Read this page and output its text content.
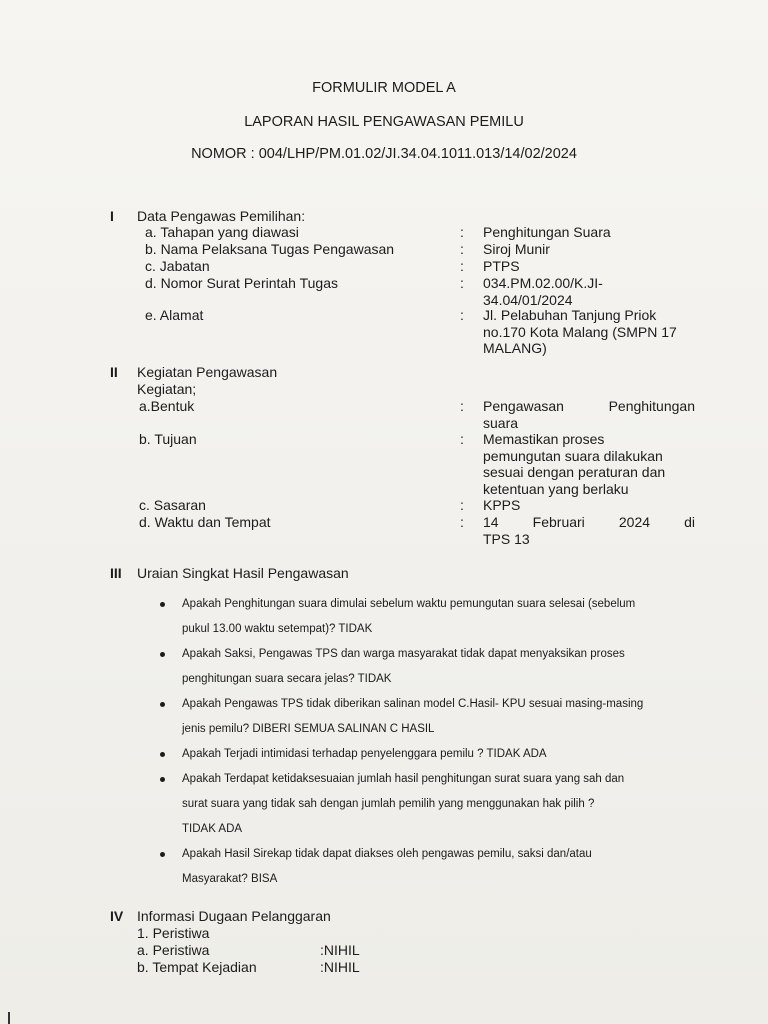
FORMULIR MODEL A
LAPORAN HASIL PENGAWASAN PEMILU
NOMOR : 004/LHP/PM.01.02/JI.34.04.1011.013/14/02/2024
I Data Pengawas Pemilihan:
a. Tahapan yang diawasi	: Penghitungan Suara
b. Nama Pelaksana Tugas Pengawasan	: Siroj Munir
c. Jabatan	: PTPS
d. Nomor Surat Perintah Tugas	: 034.PM.02.00/K.JI-
34.04/01/2024
e. Alamat	: Jl. Pelabuhan Tanjung Priok
no.170 Kota Malang (SMPN 17
MALANG)
II Kegiatan Pengawasan
Kegiatan;
a.Bentuk	: Pengawasan Penghitungan
suara
b. Tujuan	: Memastikan proses
pemungutan suara dilakukan
sesuai dengan peraturan dan
ketentuan yang berlaku
c. Sasaran	: KPPS
d. Waktu dan Tempat	: 14 Februari 2024 di
TPS 13
III Uraian Singkat Hasil Pengawasan
Apakah Penghitungan suara dimulai sebelum waktu pemungutan suara selesai (sebelum
pukul 13.00 waktu setempat)? TIDAK
Apakah Saksi, Pengawas TPS dan warga masyarakat tidak dapat menyaksikan proses
penghitungan suara secara jelas? TIDAK
Apakah Pengawas TPS tidak diberikan salinan model C.Hasil- KPU sesuai masing-masing
jenis pemilu? DIBERI SEMUA SALINAN C HASIL
Apakah Terjadi intimidasi terhadap penyelenggara pemilu ? TIDAK ADA
Apakah Terdapat ketidaksesuaian jumlah hasil penghitungan surat suara yang sah dan
surat suara yang tidak sah dengan jumlah pemilih yang menggunakan hak pilih ?
TIDAK ADA
Apakah Hasil Sirekap tidak dapat diakses oleh pengawas pemilu, saksi dan/atau
Masyarakat? BISA
IV Informasi Dugaan Pelanggaran
1. Peristiwa
a. Peristiwa	:NIHIL
b. Tempat Kejadian	:NIHIL
